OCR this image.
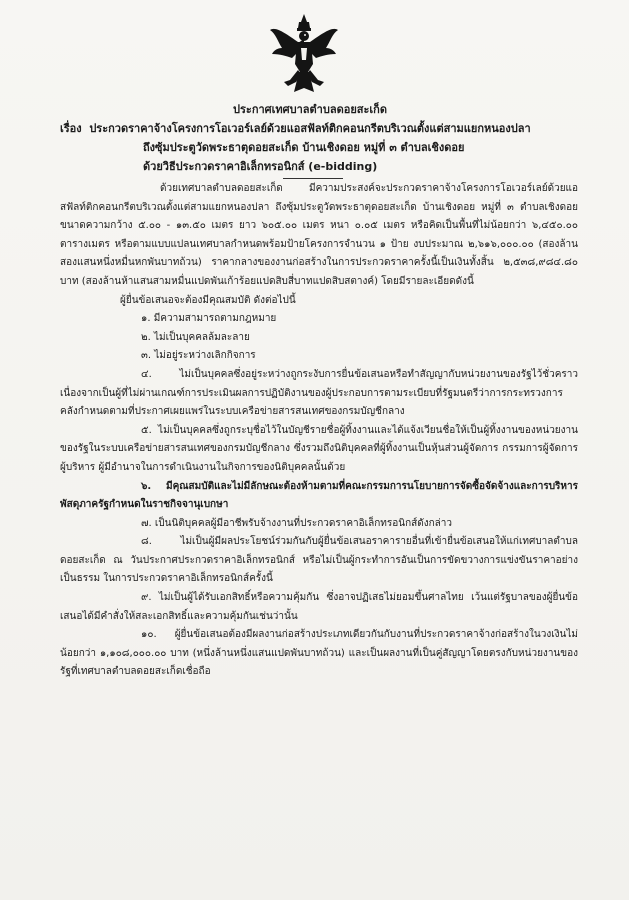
ประกาศเทศบาลตำบลดอยสะเก็ด
เรื่อง ประกวดราคาจ้างโครงการโอเวอร์เลย์ด้วยแอสฟัลท์ติกคอนกรีตบริเวณตั้งแต่สามแยกหนองปลา
ถึงซุ้มประตูวัดพระธาตุดอยสะเก็ด บ้านเชิงดอย หมู่ที่ ๓ ตำบลเชิงดอย
ด้วยวิธีประกวดราคาอิเล็กทรอนิกส์ (e-bidding)

ด้วยเทศบาลตำบลดอยสะเก็ด มีความประสงค์จะประกวดราคาจ้างโครงการโอเวอร์เลย์ด้วยแอสฟัลท์ติกคอนกรีตบริเวณตั้งแต่สามแยกหนองปลา ถึงซุ้มประตูวัดพระธาตุดอยสะเก็ด บ้านเชิงดอย หมู่ที่ ๓ ตำบลเชิงดอย ขนาดความกว้าง ๕.๐๐ - ๑๓.๕๐ เมตร ยาว ๖๐๕.๐๐ เมตร หนา ๐.๐๕ เมตร หรือคิดเป็นพื้นที่ไม่น้อยกว่า ๖,๔๕๐.๐๐ ตารางเมตร หรือตามแบบแปลนเทศบาลกำหนดพร้อมป้ายโครงการจำนวน ๑ ป้าย งบประมาณ ๒,๖๑๖,๐๐๐.๐๐ (สองล้านสองแสนหนึ่งหมื่นหกพันบาทถ้วน) ราคากลางของงานก่อสร้างในการประกวดราคาครั้งนี้เป็นเงินทั้งสิ้น ๒,๕๓๘,๙๘๔.๘๐ บาท (สองล้านห้าแสนสามหมื่นแปดพันเก้าร้อยแปดสิบสี่บาทแปดสิบสตางค์) โดยมีรายละเอียดดังนี้

ผู้ยื่นข้อเสนอจะต้องมีคุณสมบัติ ดังต่อไปนี้

๑. มีความสามารถตามกฎหมาย

๒. ไม่เป็นบุคคลล้มละลาย

๓. ไม่อยู่ระหว่างเลิกกิจการ

๔. ไม่เป็นบุคคลซึ่งอยู่ระหว่างถูกระงับการยื่นข้อเสนอหรือทำสัญญากับหน่วยงานของรัฐไว้ชั่วคราว เนื่องจากเป็นผู้ที่ไม่ผ่านเกณฑ์การประเมินผลการปฏิบัติงานของผู้ประกอบการตามระเบียบที่รัฐมนตรีว่าการกระทรวงการคลังกำหนดตามที่ประกาศเผยแพร่ในระบบเครือข่ายสารสนเทศของกรมบัญชีกลาง

๕. ไม่เป็นบุคคลซึ่งถูกระบุชื่อไว้ในบัญชีรายชื่อผู้ทิ้งงานและได้แจ้งเวียนชื่อให้เป็นผู้ทิ้งงานของหน่วยงานของรัฐในระบบเครือข่ายสารสนเทศของกรมบัญชีกลาง ซึ่งรวมถึงนิติบุคคลที่ผู้ทิ้งงานเป็นหุ้นส่วนผู้จัดการ กรรมการผู้จัดการ ผู้บริหาร ผู้มีอำนาจในการดำเนินงานในกิจการของนิติบุคคลนั้นด้วย

๖. มีคุณสมบัติและไม่มีลักษณะต้องห้ามตามที่คณะกรรมการนโยบายการจัดซื้อจัดจ้างและการบริหารพัสดุภาครัฐกำหนดในราชกิจจานุเบกษา

๗. เป็นนิติบุคคลผู้มีอาชีพรับจ้างงานที่ประกวดราคาอิเล็กทรอนิกส์ดังกล่าว

๘. ไม่เป็นผู้มีผลประโยชน์ร่วมกันกับผู้ยื่นข้อเสนอราคารายอื่นที่เข้ายื่นข้อเสนอให้แก่เทศบาลตำบลดอยสะเก็ด ณ วันประกาศประกวดราคาอิเล็กทรอนิกส์ หรือไม่เป็นผู้กระทำการอันเป็นการขัดขวางการแข่งขันราคาอย่างเป็นธรรม ในการประกวดราคาอิเล็กทรอนิกส์ครั้งนี้

๙. ไม่เป็นผู้ได้รับเอกสิทธิ์หรือความคุ้มกัน ซึ่งอาจปฏิเสธไม่ยอมขึ้นศาลไทย เว้นแต่รัฐบาลของผู้ยื่นข้อเสนอได้มีคำสั่งให้สละเอกสิทธิ์และความคุ้มกันเช่นว่านั้น

๑๐. ผู้ยื่นข้อเสนอต้องมีผลงานก่อสร้างประเภทเดียวกันกับงานที่ประกวดราคาจ้างก่อสร้างในวงเงินไม่น้อยกว่า ๑,๑๐๘,๐๐๐.๐๐ บาท (หนึ่งล้านหนึ่งแสนแปดพันบาทถ้วน) และเป็นผลงานที่เป็นคู่สัญญาโดยตรงกับหน่วยงานของรัฐที่เทศบาลตำบลดอยสะเก็ดเชื่อถือ
